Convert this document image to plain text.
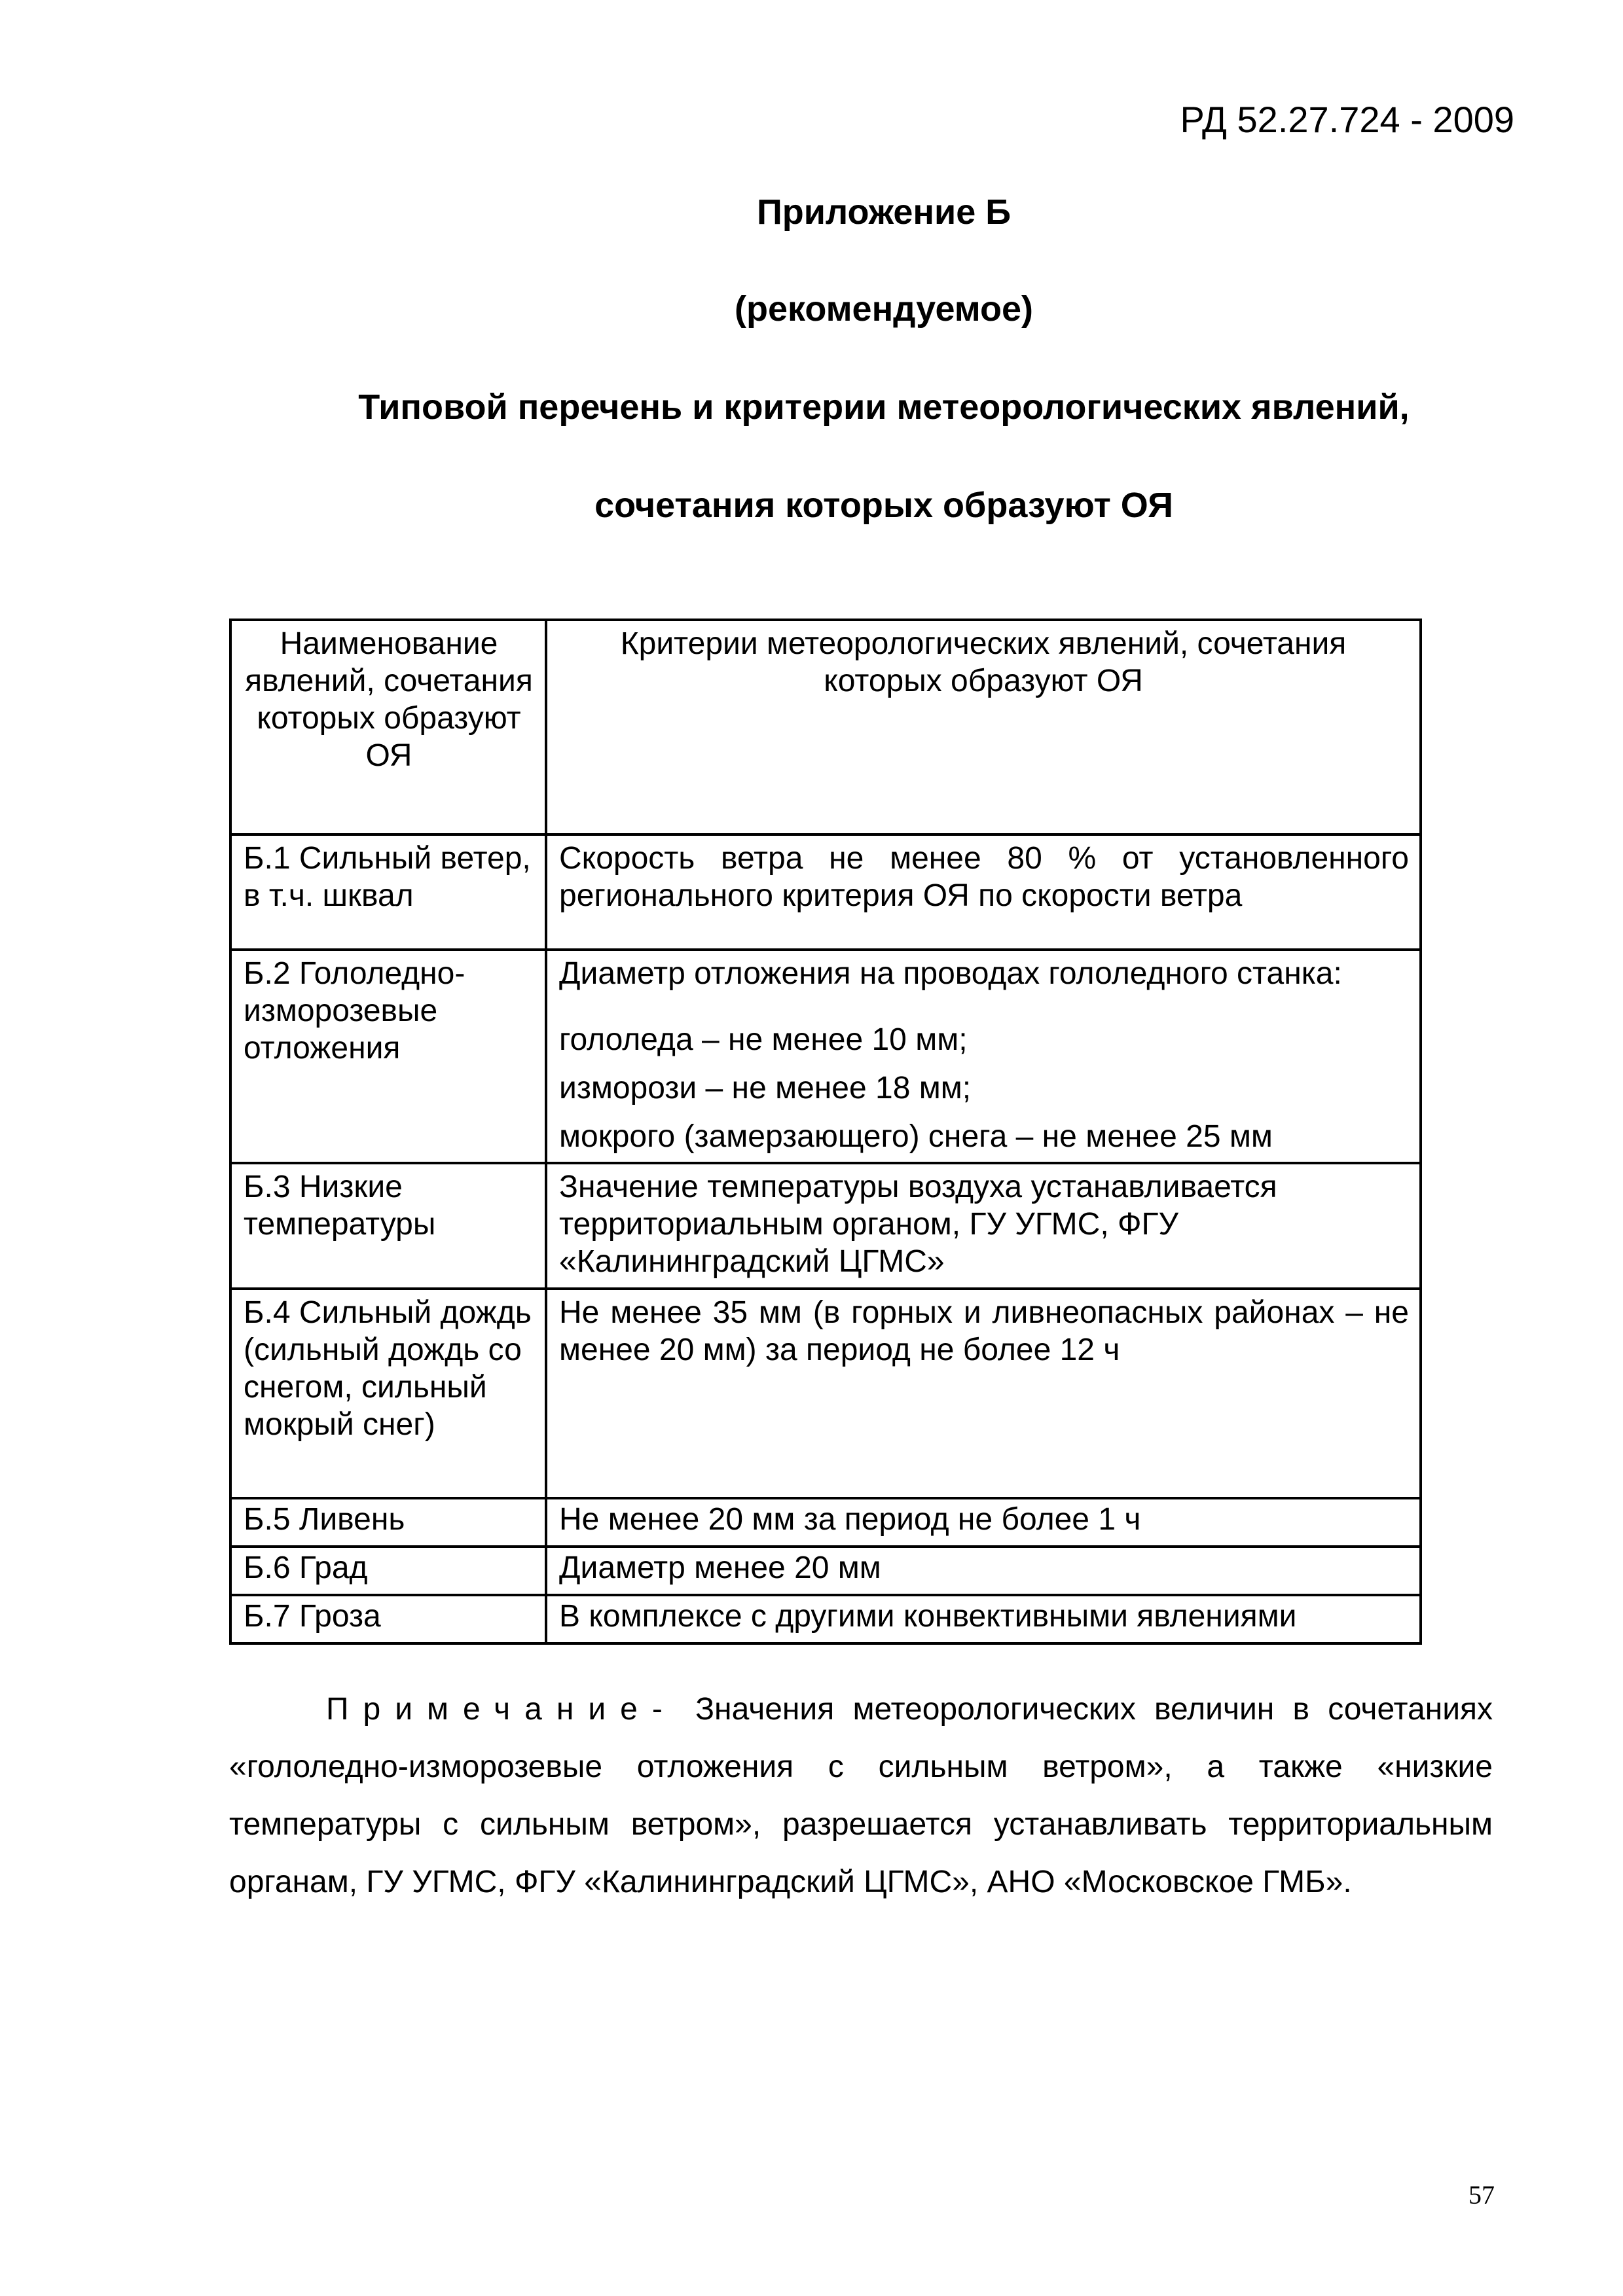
РД 52.27.724 - 2009
Приложение Б
(рекомендуемое)
Типовой перечень и критерии метеорологических явлений,
сочетания которых образуют ОЯ
Наименование явлений, сочетания которых образуют ОЯ	Критерии метеорологических явлений, сочетания которых образуют ОЯ
Б.1 Сильный ветер, в т.ч. шквал	Скорость ветра не менее 80 % от установленного регионального критерия ОЯ по скорости ветра
Б.2 Гололедно-изморозевые отложения	Диаметр отложения на проводах гололедного станка:
гололеда – не менее 10 мм;
изморози – не менее 18 мм;
мокрого (замерзающего) снега – не менее 25 мм

Б.3 Низкие температуры	Значение температуры воздуха устанавливается территориальным органом, ГУ УГМС, ФГУ «Калининградский ЦГМС»
Б.4 Сильный дождь (сильный дождь со снегом, сильный мокрый снег)	Не менее 35 мм (в горных и ливнеопасных районах – не менее 20 мм) за период не более 12 ч
Б.5 Ливень	Не менее 20 мм за период не более 1 ч
Б.6 Град	Диаметр менее 20 мм
Б.7 Гроза	В комплексе с другими конвективными явлениями
Примечание- Значения метеорологических величин в сочетаниях «гололедно-изморозевые отложения с сильным ветром», а также «низкие температуры с сильным ветром», разрешается устанавливать территориальным органам, ГУ УГМС, ФГУ «Калининградский ЦГМС», АНО «Московское ГМБ».
57
